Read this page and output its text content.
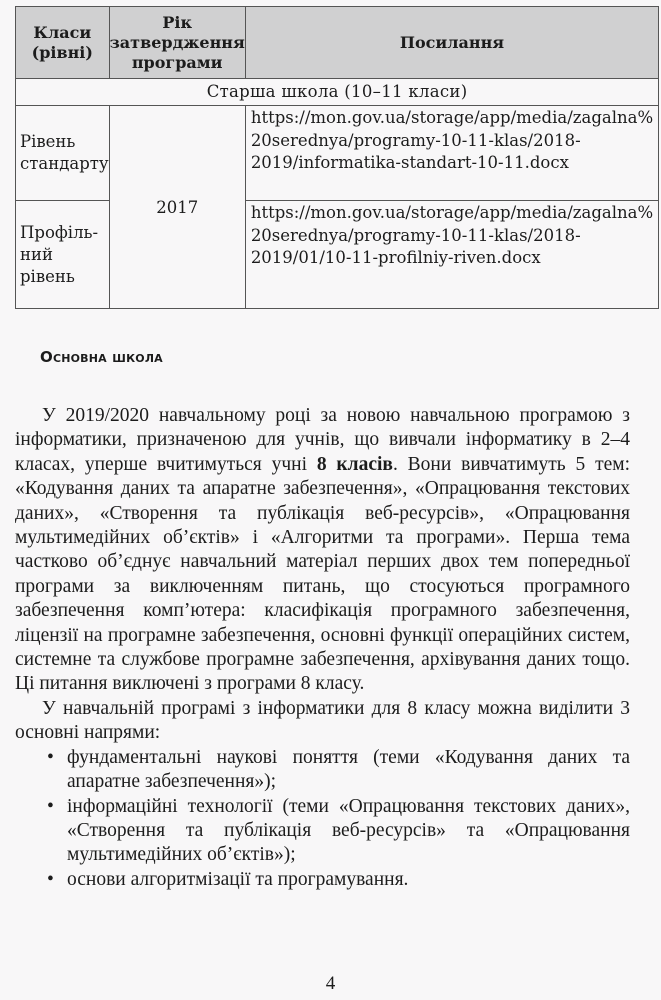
Класи (рівні)	Рік затвердження програми	Посилання
Старша школа (10–11 класи)		
Рівень стандарту	2017	https://mon.gov.ua/storage/app/media/zagalna% 20serednya/programy-10-11-klas/2018-2019/informatika-standart-10-11.docx
Профіль-ний рівень		https://mon.gov.ua/storage/app/media/zagalna% 20serednya/programy-10-11-klas/2018-2019/01/10-11-profilniy-riven.docx
Основна школа

У 2019/2020 навчальному році за новою навчальною програмою з інформатики, призначеною для учнів, що вивчали інформатику в 2–4 класах, уперше вчитимуться учні 8 класів. Вони вивчатимуть 5 тем: «Кодування даних та апаратне забезпечення», «Опрацювання текстових даних», «Створення та публікація веб-ресурсів», «Опрацювання мультимедійних об’єктів» і «Алгоритми та програми». Перша тема частково об’єднує навчальний матеріал перших двох тем попередньої програми за виключенням питань, що стосуються програмного забезпечення комп’ютера: класифікація програмного забезпечення, ліцензії на програмне забезпечення, основні функції операційних систем, системне та службове програмне забезпечення, архівування даних тощо. Ці питання виключені з програми 8 класу.

У навчальній програмі з інформатики для 8 класу можна виділити 3 основні напрями:

• фундаментальні наукові поняття (теми «Кодування даних та апаратне забезпечення»);
• інформаційні технології (теми «Опрацювання текстових даних», «Створення та публікація веб-ресурсів» та «Опрацювання мультимедійних об’єктів»);
• основи алгоритмізації та програмування.
4
